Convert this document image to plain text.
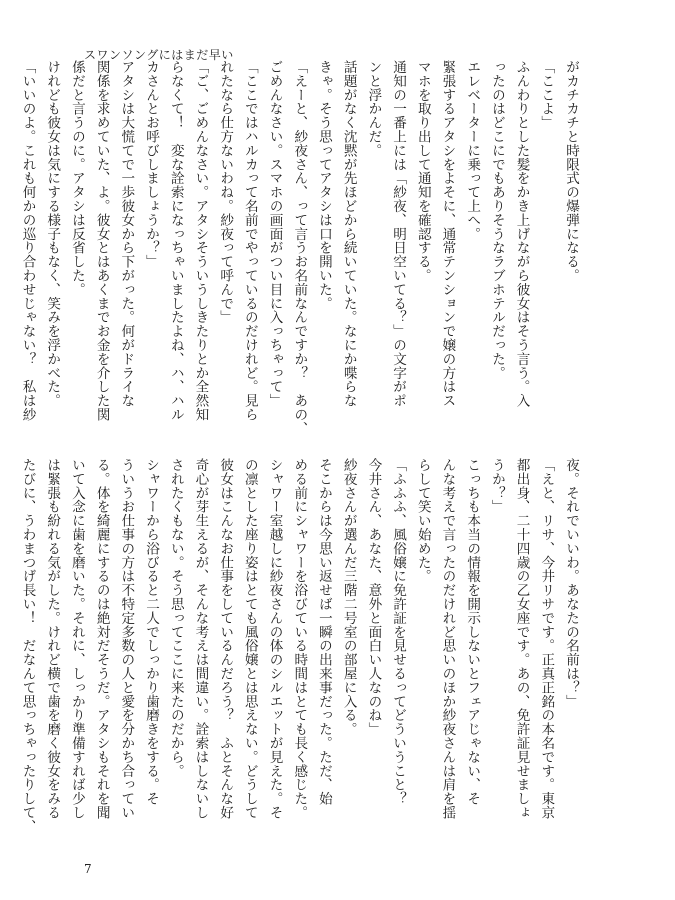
スワンソングにはまだ早い
がカチカチと時限式の爆弾になる。
「ここよ」
ふんわりとした髪をかき上げながら彼女はそう言う。入
ったのはどこにでもありそうなラブホテルだった。
エレベーターに乗って上へ。
緊張するアタシをよそに、通常テンションで嬢の方はス
マホを取り出して通知を確認する。
通知の一番上には「紗夜、明日空いてる？」の文字がポ
ンと浮かんだ。
話題がなく沈黙が先ほどから続いていた。なにか喋らな
きゃ。そう思ってアタシは口を開いた。
「えーと、紗夜さん、って言うお名前なんですか？　あの、
ごめんなさい。スマホの画面がつい目に入っちゃって」
「ここではハルカって名前でやっているのだけれど。見ら
れたなら仕方ないわね。紗夜って呼んで」
「ご、ごめんなさい。アタシそういうしきたりとか全然知
らなくて！　変な詮索になっちゃいましたよね、ハ、ハル
カさんとお呼びしましょうか？」
アタシは大慌てで一歩彼女から下がった。何がドライな
関係を求めていた、よ。彼女とはあくまでお金を介した関
係だと言うのに。アタシは反省した。
けれども彼女は気にする様子もなく、笑みを浮かべた。
「いいのよ。これも何かの巡り合わせじゃない？　私は紗
夜。それでいいわ。あなたの名前は？」
「えと、リサ、今井リサです。正真正銘の本名です。東京
都出身、二十四歳の乙女座です。あの、免許証見せましょ
うか？」
こっちも本当の情報を開示しないとフェアじゃない、そ
んな考えで言ったのだけれど思いのほか紗夜さんは肩を揺
らして笑い始めた。
「ふふふ、風俗嬢に免許証を見せるってどういうこと？
今井さん、あなた、意外と面白い人なのね」
紗夜さんが選んだ三階二号室の部屋に入る。
そこからは今思い返せば一瞬の出来事だった。ただ、始
める前にシャワーを浴びている時間はとても長く感じた。
シャワー室越しに紗夜さんの体のシルエットが見えた。そ
の凛とした座り姿はとても風俗嬢とは思えない。どうして
彼女はこんなお仕事をしているんだろう？　ふとそんな好
奇心が芽生えるが、そんな考えは間違い。詮索はしないし
されたくもない。そう思ってここに来たのだから。
シャワーから浴びると二人でしっかり歯磨きをする。そ
ういうお仕事の方は不特定多数の人と愛を分かち合ってい
る。体を綺麗にするのは絶対だそうだ。アタシもそれを聞
いて入念に歯を磨いた。それに、しっかり準備すれば少し
は緊張も紛れる気がした。けれど横で歯を磨く彼女をみる
たびに、うわまつげ長い！　だなんて思っちゃったりして、
7
